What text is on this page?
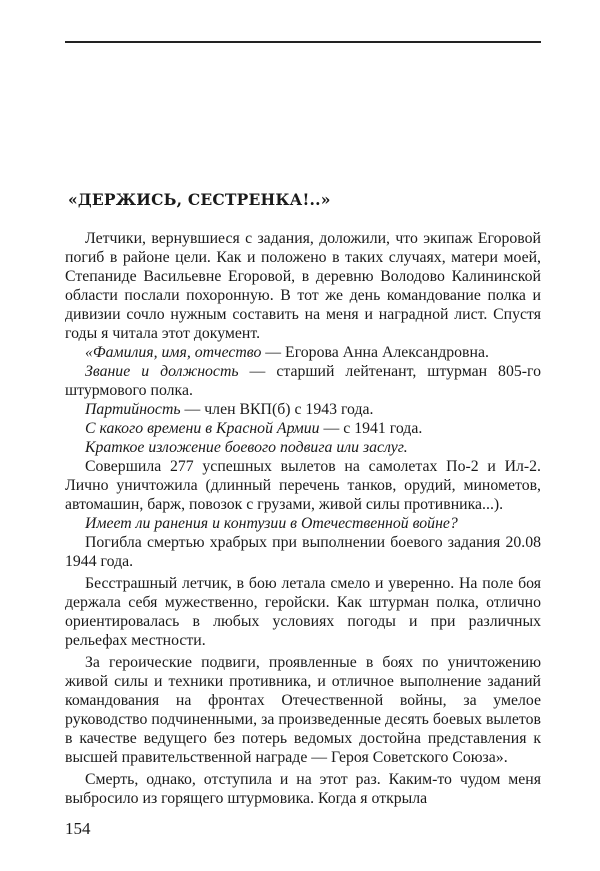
«ДЕРЖИСЬ, СЕСТРЕНКА!..»

Летчики, вернувшиеся с задания, доложили, что экипаж Егоровой погиб в районе цели. Как и положено в таких случаях, матери моей, Степаниде Васильевне Егоровой, в деревню Володово Калининской области послали похоронную. В тот же день командование полка и дивизии сочло нужным составить на меня и наградной лист. Спустя годы я читала этот документ.

«Фамилия, имя, отчество — Егорова Анна Александровна.

Звание и должность — старший лейтенант, штурман 805-го штурмового полка.

Партийность — член ВКП(б) с 1943 года.

С какого времени в Красной Армии — с 1941 года.

Краткое изложение боевого подвига или заслуг.

Совершила 277 успешных вылетов на самолетах По-2 и Ил-2. Лично уничтожила (длинный перечень танков, орудий, минометов, автомашин, барж, повозок с грузами, живой силы противника...).

Имеет ли ранения и контузии в Отечественной войне?

Погибла смертью храбрых при выполнении боевого задания 20.08 1944 года.

Бесстрашный летчик, в бою летала смело и уверенно. На поле боя держала себя мужественно, геройски. Как штурман полка, отлично ориентировалась в любых условиях погоды и при различных рельефах местности.

За героические подвиги, проявленные в боях по уничтожению живой силы и техники противника, и отличное выполнение заданий командования на фронтах Отечественной войны, за умелое руководство подчиненными, за произведенные десять боевых вылетов в качестве ведущего без потерь ведомых достойна представления к высшей правительственной награде — Героя Советского Союза».

Смерть, однако, отступила и на этот раз. Каким-то чудом меня выбросило из горящего штурмовика. Когда я открыла

154
